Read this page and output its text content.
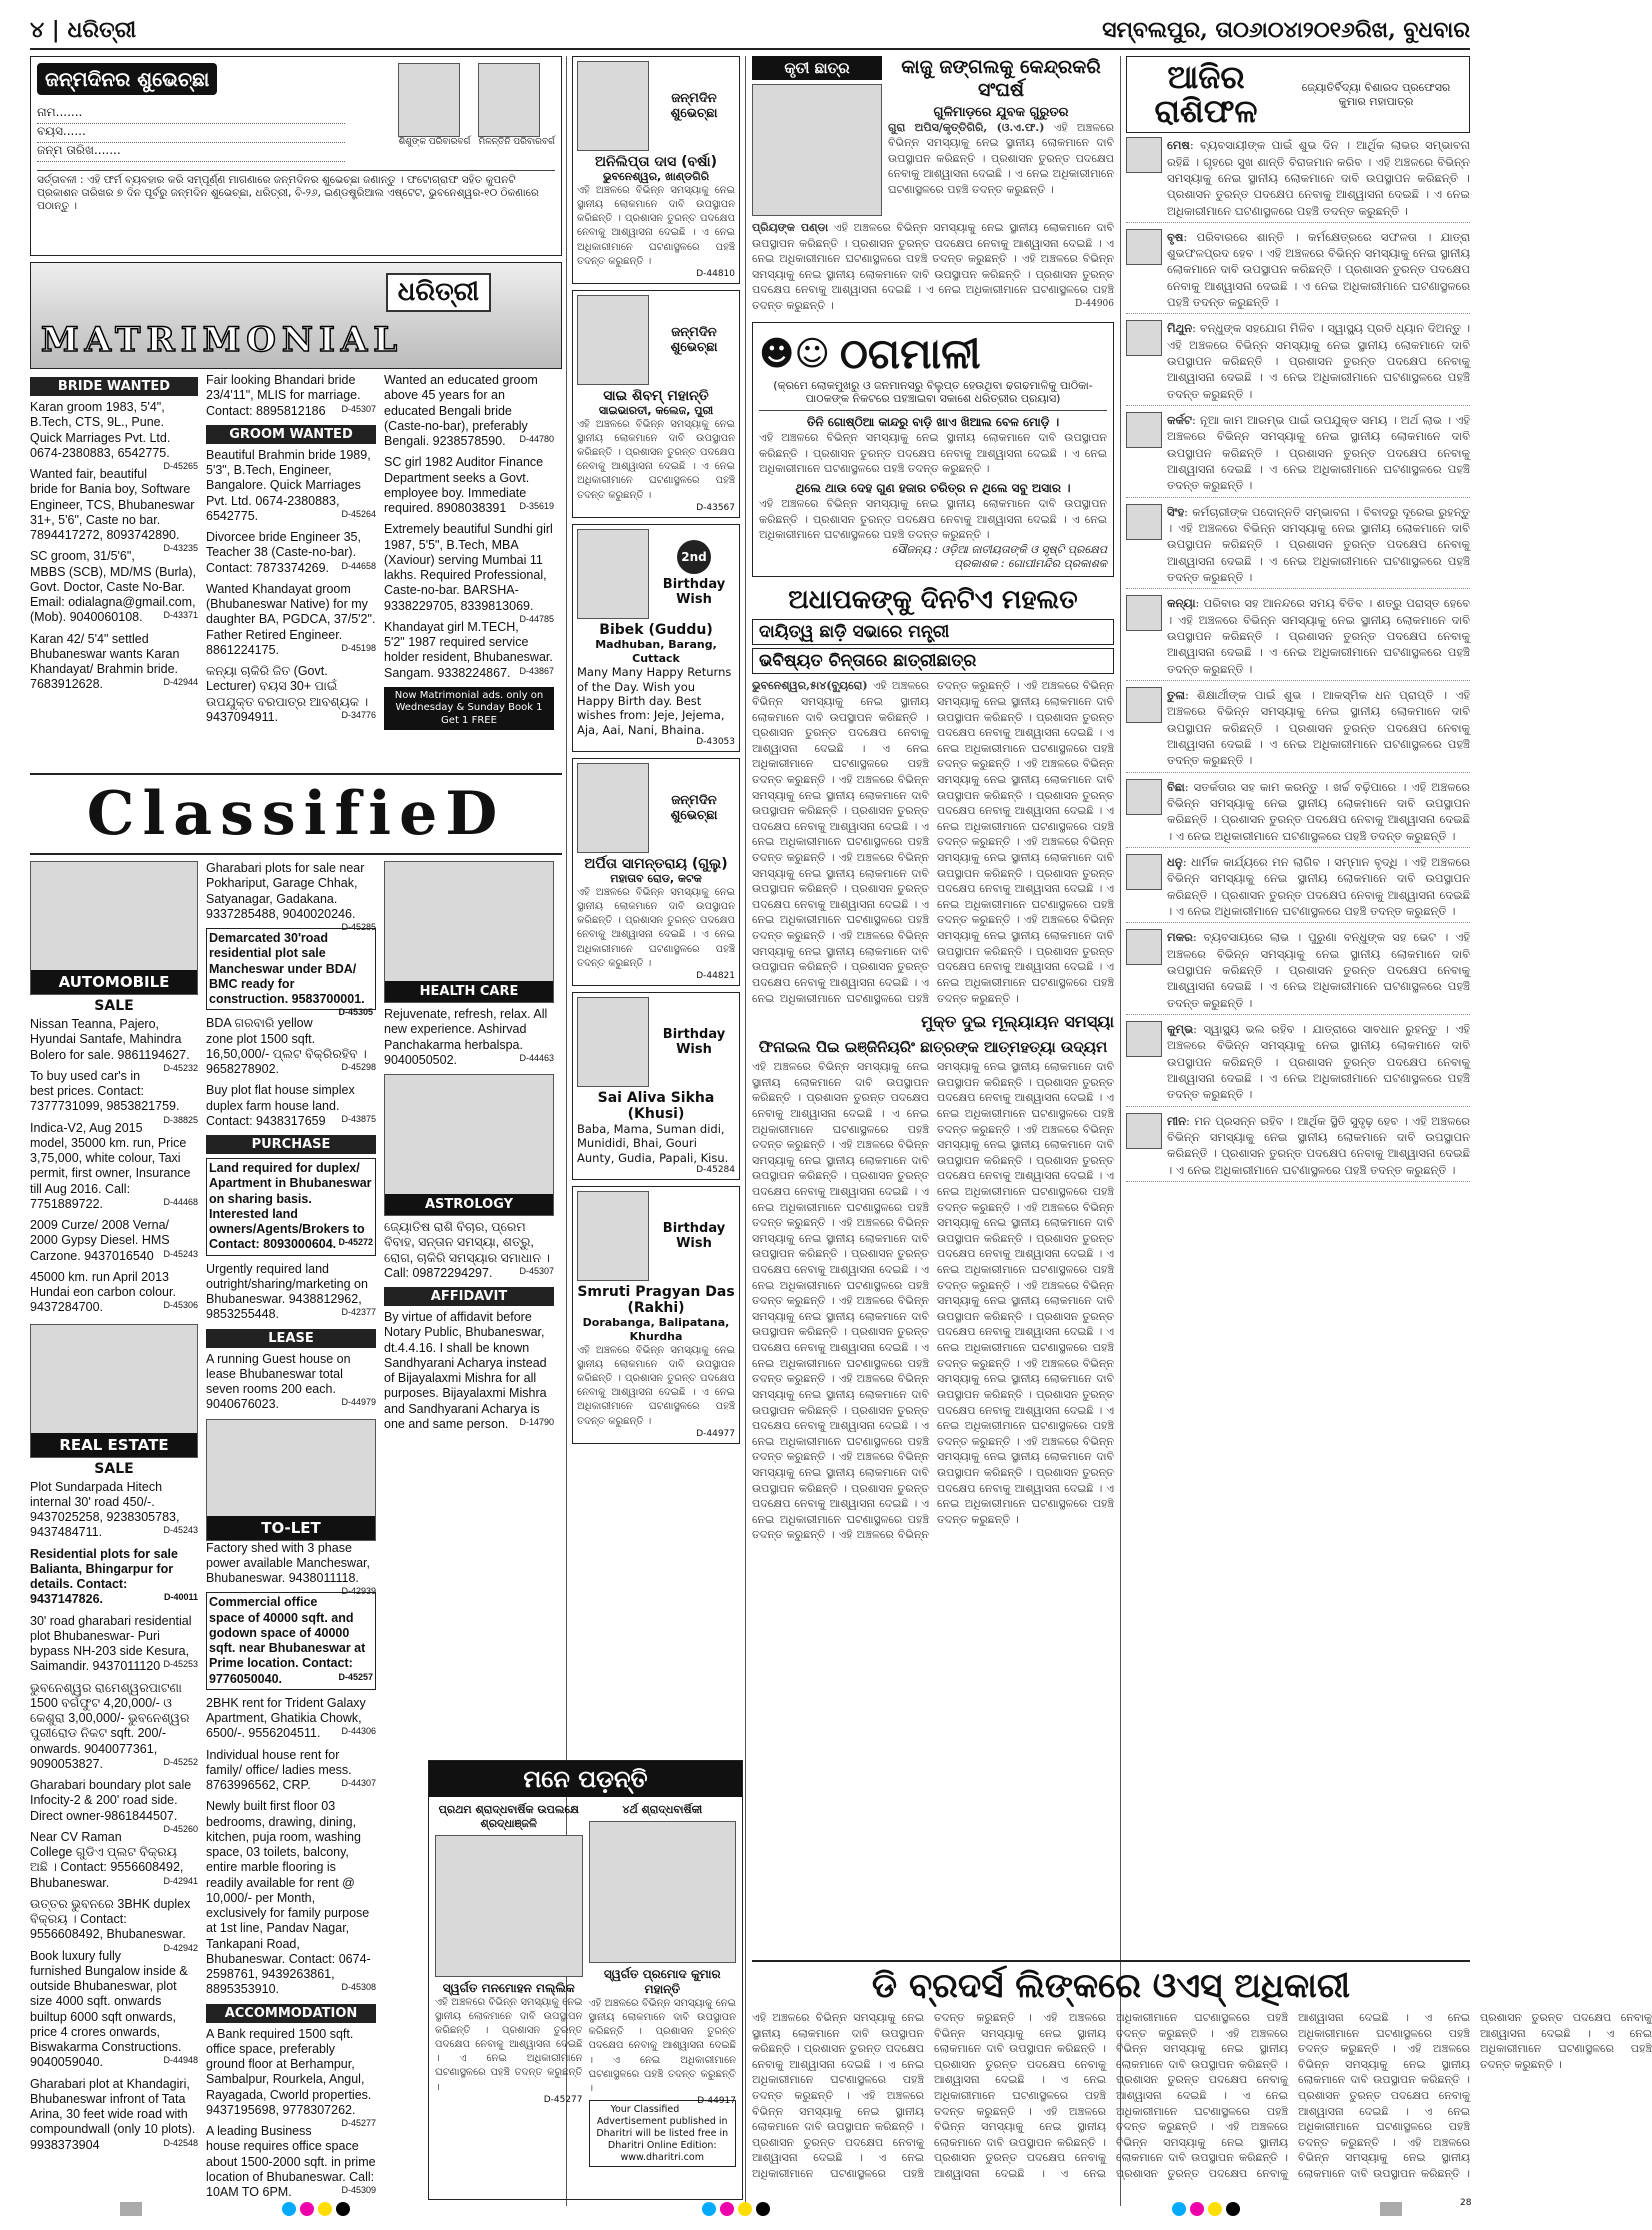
୪ | ଧରିତ୍ରୀ	ସମ୍ବଲପୁର, ତା୦୬ା୦୪ା୨୦୧୬ରିଖ, ବୁଧବାର
ଜନ୍ମଦିନର ଶୁଭେଚ୍ଛା
ନାମ.......
ବୟସ......
ଜନ୍ମ ତାରିଖ.......
ଶିଶୁଙ୍କ ପରିବାରବର୍ଗ ମିଳନ୍ତିନି ପରିବାରବର୍ଗ
ସର୍ତ୍ତାବଳୀ : ଏହି ଫର୍ମ ବ୍ୟବହାର କରି ସମ୍ପୂର୍ଣ୍ଣ ମାଗଣାରେ ଜନ୍ମଦିନର ଶୁଭେଚ୍ଛା ଜଣାନ୍ତୁ । ଫଟୋଗ୍ରାଫ ସହିତ କୁପନଟି ପ୍ରକାଶନ ତାରିଖର ୭ ଦିନ ପୂର୍ବରୁ ଜନ୍ମଦିନ ଶୁଭେଚ୍ଛା, ଧରିତ୍ରୀ, ବି-୨୬, ଇଣ୍ଡଷ୍ଟ୍ରିଆଲ ଏଷ୍ଟେଟ, ଭୁବନେଶ୍ୱର-୧୦ ଠିକଣାରେ ପଠାନ୍ତୁ ।
ଧରିତ୍ରୀ
MATRIMONIAL
BRIDE WANTED
Karan groom 1983, 5'4", B.Tech, CTS, 9L., Pune. Quick Marriages Pvt. Ltd. 0674-2380883, 6542775.
D-45265
Wanted fair, beautiful bride for Bania boy, Software Engineer, TCS, Bhubaneswar 31+, 5'6", Caste no bar. 7894417272, 8093742890.
D-43235
SC groom, 31/5'6", MBBS (SCB), MD/MS (Burla), Govt. Doctor, Caste No-Bar. Email: odialagna@gmail.com, (Mob). 9040060108. D-43371
Karan 42/ 5'4" settled Bhubaneswar wants Karan Khandayat/ Brahmin bride. 7683912628.	D-42944
Fair looking Bhandari bride 23/4'11", MLIS for marriage. Contact: 8895812186 D-45307
GROOM WANTED
Beautiful Brahmin bride 1989, 5'3", B.Tech, Engineer, Bangalore. Quick Marriages Pvt. Ltd. 0674-2380883, 6542775.	D-45264
Divorcee bride Engineer 35, Teacher 38 (Caste-no-bar). Contact: 7873374269. D-44658
Wanted Khandayat groom (Bhubaneswar Native) for my daughter BA, PGDCA, 37/5'2". Father Retired Engineer. 8861224175.	D-45198
କନ୍ୟା ଚାକିରି ଜିତ (Govt. Lecturer) ବୟସ 30+ ପାଇଁ ଉପଯୁକ୍ତ ବରପାତ୍ର ଆବଶ୍ୟକ । 9437094911.	D-34776
Wanted an educated groom above 45 years for an educated Bengali bride (Caste-no-bar), preferably Bengali. 9238578590. D-44780
SC girl 1982 Auditor Finance Department seeks a Govt. employee boy. Immediate required. 8908038391 D-35619
Extremely beautiful Sundhi girl 1987, 5'5", B.Tech, MBA (Xaviour) serving Mumbai 11 lakhs. Required Professional, Caste-no-bar. BARSHA-9338229705, 8339813069.
D-44785
Khandayat girl M.TECH, 5'2" 1987 required service holder resident, Bhubaneswar. Sangam. 9338224867. D-43867
Now Matrimonial ads. only on Wednesday & Sunday Book 1 Get 1 FREE
ClassifieD
AUTOMOBILE
SALE
Nissan Teanna, Pajero, Hyundai Santafe, Mahindra Bolero for sale. 9861194627.
D-45232
To buy used car's in best prices. Contact: 7377731099, 9853821759.
D-38825
Indica-V2, Aug 2015 model, 35000 km. run, Price 3,75,000, white colour, Taxi permit, first owner, Insurance till Aug 2016. Call: 7751889722.	D-44468
2009 Curze/ 2008 Verna/ 2000 Gypsy Diesel. HMS Carzone. 9437016540 D-45243
45000 km. run April 2013 Hundai eon carbon colour. 9437284700.	D-45306
REAL ESTATE
SALE
Plot Sundarpada Hitech internal 30' road 450/-. 9437025258, 9238305783, 9437484711.	D-45243
Residential plots for sale Balianta, Bhingarpur for details. Contact: 9437147826.	D-40011
30' road gharabari residential plot Bhubaneswar- Puri bypass NH-203 side Kesura, Saimandir. 9437011120 D-45253
ଭୁବନେଶ୍ୱର ରାମେଶ୍ୱରପାଟଣା 1500 ବର୍ଗଫୁଟ 4,20,000/- ଓ କେଶୁରା 3,00,000/- ଭୁବନେଶ୍ୱର ପୁରୀରୋଡ ନିକଟ sqft. 200/- onwards. 9040077361, 9090053827.	D-45252
Gharabari boundary plot sale Infocity-2 & 200' road side. Direct owner-9861844507.
D-45260
Near CV Raman College ଗୁଡିଏ ପ୍ଲଟ ବିକ୍ରୟ ଅଛି । Contact: 9556608492, Bhubaneswar.	D-42941
ଉତ୍ତର ଭୁବନରେ 3BHK duplex ବିକ୍ରୟ । Contact: 9556608492, Bhubaneswar.
D-42942
Book luxury fully furnished Bungalow inside & outside Bhubaneswar, plot size 4000 sqft. onwards builtup 6000 sqft onwards, price 4 crores onwards, Biswakarma Constructions. 9040059040.	D-44948
Gharabari plot at Khandagiri, Bhubaneswar infront of Tata Arina, 30 feet wide road with compoundwall (only 10 plots). 9938373904	D-42548
Gharabari plots for sale near Pokhariput, Garage Chhak, Satyanagar, Gadakana. 9337285488, 9040020246.
D-45285
Demarcated 30'road residential plot sale Mancheswar under BDA/ BMC ready for construction. 9583700001.
D-45305
BDA ଗରବାରି yellow zone plot 1500 sqft. 16,50,000/- ପ୍ଲଟ ବିକ୍ରିରହିବ । 9658278902.	D-45298
Buy plot flat house simplex duplex farm house land. Contact: 9438317659 D-43875
PURCHASE
Land required for duplex/ Apartment in Bhubaneswar on sharing basis. Interested land owners/Agents/Brokers to Contact: 8093000604. D-45272
Urgently required land outright/sharing/marketing on Bhubaneswar. 9438812962, 9853255448.	D-42377
LEASE
A running Guest house on lease Bhubaneswar total seven rooms 200 each. 9040676023.	D-44979
TO-LET
Factory shed with 3 phase power available Mancheswar, Bhubaneswar. 9438011118.
D-42939
Commercial office space of 40000 sqft. and godown space of 40000 sqft. near Bhubaneswar at Prime location. Contact: 9776050040.	D-45257
2BHK rent for Trident Galaxy Apartment, Ghatikia Chowk, 6500/-. 9556204511. D-44306
Individual house rent for family/ office/ ladies mess. 8763996562, CRP.	D-44307
Newly built first floor 03 bedrooms, drawing, dining, kitchen, puja room, washing space, 03 toilets, balcony, entire marble flooring is readily available for rent @ 10,000/- per Month, exclusively for family purpose at 1st line, Pandav Nagar, Tankapani Road, Bhubaneswar. Contact: 0674- 2598761, 9439263861, 8895353910.	D-45308
ACCOMMODATION
A Bank required 1500 sqft. office space, preferably ground floor at Berhampur, Sambalpur, Rourkela, Angul, Rayagada, Cworld properties. 9437195698, 9778307262.
D-45277
A leading Business house requires office space about 1500-2000 sqft. in prime location of Bhubaneswar. Call: 10AM TO 6PM.	D-45309
HEALTH CARE
Rejuvenate, refresh, relax. All new experience. Ashirvad Panchakarma herbalspa. 9040050502.	D-44463
ASTROLOGY
ଜ୍ୟୋତିଷ ରାଶି ବିଚାର, ପ୍ରେମ ବିବାହ, ସନ୍ତାନ ସମସ୍ୟା, ଶତ୍ରୁ, ରୋଗ, ଚାକିରି ସମସ୍ୟାର ସମାଧାନ । Call: 09872294297.	D-45307
AFFIDAVIT
By virtue of affidavit before Notary Public, Bhubaneswar, dt.4.4.16. I shall be known Sandhyarani Acharya instead of Bijayalaxmi Mishra for all purposes. Bijayalaxmi Mishra and Sandhyarani Acharya is one and same person. D-14790
ଜନ୍ମଦିନ ଶୁଭେଚ୍ଛା
ଅନିଲିପ୍ତା ଦାସ (ବର୍ଷା)
ଭୁବନେଶ୍ୱର, ଖାଣ୍ଡଗିରି
ଏହି ଅଞ୍ଚଳରେ ବିଭିନ୍ନ ସମସ୍ୟାକୁ ନେଇ ସ୍ଥାନୀୟ ଲୋକମାନେ ଦାବି ଉପସ୍ଥାପନ କରିଛନ୍ତି । ପ୍ରଶାସନ ତୁରନ୍ତ ପଦକ୍ଷେପ ନେବାକୁ ଆଶ୍ୱାସନା ଦେଇଛି । ଏ ନେଇ ଅଧିକାରୀମାନେ ଘଟଣାସ୍ଥଳରେ ପହଞ୍ଚି ତଦନ୍ତ କରୁଛନ୍ତି ।
D-44810
ଜନ୍ମଦିନ ଶୁଭେଚ୍ଛା
ସାଇ ଶିବମ୍ ମହାନ୍ତି
ସାଇଭାରତୀ, କଲେଜ, ପୁରୀ
ଏହି ଅଞ୍ଚଳରେ ବିଭିନ୍ନ ସମସ୍ୟାକୁ ନେଇ ସ୍ଥାନୀୟ ଲୋକମାନେ ଦାବି ଉପସ୍ଥାପନ କରିଛନ୍ତି । ପ୍ରଶାସନ ତୁରନ୍ତ ପଦକ୍ଷେପ ନେବାକୁ ଆଶ୍ୱାସନା ଦେଇଛି । ଏ ନେଇ ଅଧିକାରୀମାନେ ଘଟଣାସ୍ଥଳରେ ପହଞ୍ଚି ତଦନ୍ତ କରୁଛନ୍ତି ।
D-43567
2nd
Birthday Wish
Bibek (Guddu)
Madhuban, Barang, Cuttack
Many Many Happy Returns of the Day. Wish you Happy Birth day. Best wishes from: Jeje, Jejema, Aja, Aai, Nani, Bhaina.
D-43053
ଜନ୍ମଦିନ ଶୁଭେଚ୍ଛା
ଅର୍ପିତା ସାମନ୍ତରାୟ (ଗୁଲୁ)
ମହାତାବ ରୋଡ, କଟକ
ଏହି ଅଞ୍ଚଳରେ ବିଭିନ୍ନ ସମସ୍ୟାକୁ ନେଇ ସ୍ଥାନୀୟ ଲୋକମାନେ ଦାବି ଉପସ୍ଥାପନ କରିଛନ୍ତି । ପ୍ରଶାସନ ତୁରନ୍ତ ପଦକ୍ଷେପ ନେବାକୁ ଆଶ୍ୱାସନା ଦେଇଛି । ଏ ନେଇ ଅଧିକାରୀମାନେ ଘଟଣାସ୍ଥଳରେ ପହଞ୍ଚି ତଦନ୍ତ କରୁଛନ୍ତି ।
D-44821
Birthday Wish
Sai Aliva Sikha (Khusi)
Baba, Mama, Suman didi, Munididi, Bhai, Gouri Aunty, Gudia, Papali, Kisu.
D-45284
Birthday Wish
Smruti Pragyan Das (Rakhi)
Dorabanga, Balipatana, Khurdha
ଏହି ଅଞ୍ଚଳରେ ବିଭିନ୍ନ ସମସ୍ୟାକୁ ନେଇ ସ୍ଥାନୀୟ ଲୋକମାନେ ଦାବି ଉପସ୍ଥାପନ କରିଛନ୍ତି । ପ୍ରଶାସନ ତୁରନ୍ତ ପଦକ୍ଷେପ ନେବାକୁ ଆଶ୍ୱାସନା ଦେଇଛି । ଏ ନେଇ ଅଧିକାରୀମାନେ ଘଟଣାସ୍ଥଳରେ ପହଞ୍ଚି ତଦନ୍ତ କରୁଛନ୍ତି ।
D-44977
କୃତୀ ଛାତ୍ର	କାଜୁ ଜଙ୍ଗଲକୁ କେନ୍ଦ୍ରକରି ସଂଘର୍ଷ
ଗୁଳିମାଡ଼ରେ ଯୁବକ ଗୁରୁତର
ଗୁରା ଅପିସ/କୃତ୍ତିଗିରି, (ଓ.ଏ.ଫ.) ଏହି ଅଞ୍ଚଳରେ ବିଭିନ୍ନ ସମସ୍ୟାକୁ ନେଇ ସ୍ଥାନୀୟ ଲୋକମାନେ ଦାବି ଉପସ୍ଥାପନ କରିଛନ୍ତି । ପ୍ରଶାସନ ତୁରନ୍ତ ପଦକ୍ଷେପ ନେବାକୁ ଆଶ୍ୱାସନା ଦେଇଛି । ଏ ନେଇ ଅଧିକାରୀମାନେ ଘଟଣାସ୍ଥଳରେ ପହଞ୍ଚି ତଦନ୍ତ କରୁଛନ୍ତି ।
ପ୍ରିୟଙ୍କ ପଣ୍ଡା ଏହି ଅଞ୍ଚଳରେ ବିଭିନ୍ନ ସମସ୍ୟାକୁ ନେଇ ସ୍ଥାନୀୟ ଲୋକମାନେ ଦାବି ଉପସ୍ଥାପନ କରିଛନ୍ତି । ପ୍ରଶାସନ ତୁରନ୍ତ ପଦକ୍ଷେପ ନେବାକୁ ଆଶ୍ୱାସନା ଦେଇଛି । ଏ ନେଇ ଅଧିକାରୀମାନେ ଘଟଣାସ୍ଥଳରେ ପହଞ୍ଚି ତଦନ୍ତ କରୁଛନ୍ତି । ଏହି ଅଞ୍ଚଳରେ ବିଭିନ୍ନ ସମସ୍ୟାକୁ ନେଇ ସ୍ଥାନୀୟ ଲୋକମାନେ ଦାବି ଉପସ୍ଥାପନ କରିଛନ୍ତି । ପ୍ରଶାସନ ତୁରନ୍ତ ପଦକ୍ଷେପ ନେବାକୁ ଆଶ୍ୱାସନା ଦେଇଛି । ଏ ନେଇ ଅଧିକାରୀମାନେ ଘଟଣାସ୍ଥଳରେ ପହଞ୍ଚି ତଦନ୍ତ କରୁଛନ୍ତି ।	D-44906
☻☺ ଠଗମାଳୀ
(କ୍ରମେ ଲୋକମୁଖରୁ ଓ ଜନମାନସରୁ ବିଲୁପ୍ତ ହେଉଥିବା ଢଗଢମାଳିକୁ ପାଠିକା-ପାଠକଙ୍କ ନିକଟରେ ପହଞ୍ଚାଇବା ସକାଶେ ଧରିତ୍ରୀର ପ୍ରୟାସ)
ତିନି ଗୋଷ୍ଠିଆ କାନ୍ଦରୁ ବାଡ଼ି ଖାଏ ଖିଆଲ ବେଳ ମୋଡ଼ି ।
ଏହି ଅଞ୍ଚଳରେ ବିଭିନ୍ନ ସମସ୍ୟାକୁ ନେଇ ସ୍ଥାନୀୟ ଲୋକମାନେ ଦାବି ଉପସ୍ଥାପନ କରିଛନ୍ତି । ପ୍ରଶାସନ ତୁରନ୍ତ ପଦକ୍ଷେପ ନେବାକୁ ଆଶ୍ୱାସନା ଦେଇଛି । ଏ ନେଇ ଅଧିକାରୀମାନେ ଘଟଣାସ୍ଥଳରେ ପହଞ୍ଚି ତଦନ୍ତ କରୁଛନ୍ତି ।
ଥିଲେ ଥାଉ ଦେହ ଗୁଣ ହଜାର ଚରିତ୍ର ନ ଥିଲେ ସବୁ ଅସାର ।
ଏହି ଅଞ୍ଚଳରେ ବିଭିନ୍ନ ସମସ୍ୟାକୁ ନେଇ ସ୍ଥାନୀୟ ଲୋକମାନେ ଦାବି ଉପସ୍ଥାପନ କରିଛନ୍ତି । ପ୍ରଶାସନ ତୁରନ୍ତ ପଦକ୍ଷେପ ନେବାକୁ ଆଶ୍ୱାସନା ଦେଇଛି । ଏ ନେଇ ଅଧିକାରୀମାନେ ଘଟଣାସ୍ଥଳରେ ପହଞ୍ଚି ତଦନ୍ତ କରୁଛନ୍ତି ।
ସୌଜନ୍ୟ : ଓଡ଼ିଆ ଜାତୀୟତାଙ୍କି ଓ ସୃଷ୍ଟି ପ୍ରକ୍ଷେପ
ପ୍ରକାଶକ : ଗୋପୀମନ୍ଦିର ପ୍ରକାଶକ
ଅଧାପକଙ୍କୁ ଦିନଟିଏ ମହଲତ
ଦାୟିତ୍ୱ ଛାଡ଼ି ସଭାରେ ମନ୍ତ୍ରୀ
ଭବିଷ୍ୟତ ଚିନ୍ତାରେ ଛାତ୍ରୀଛାତ୍ର
ଭୁବନେଶ୍ୱର,୫ା୪(ବ୍ୟୁରୋ) ଏହି ଅଞ୍ଚଳରେ ବିଭିନ୍ନ ସମସ୍ୟାକୁ ନେଇ ସ୍ଥାନୀୟ ଲୋକମାନେ ଦାବି ଉପସ୍ଥାପନ କରିଛନ୍ତି । ପ୍ରଶାସନ ତୁରନ୍ତ ପଦକ୍ଷେପ ନେବାକୁ ଆଶ୍ୱାସନା ଦେଇଛି । ଏ ନେଇ ଅଧିକାରୀମାନେ ଘଟଣାସ୍ଥଳରେ ପହଞ୍ଚି ତଦନ୍ତ କରୁଛନ୍ତି । ଏହି ଅଞ୍ଚଳରେ ବିଭିନ୍ନ ସମସ୍ୟାକୁ ନେଇ ସ୍ଥାନୀୟ ଲୋକମାନେ ଦାବି ଉପସ୍ଥାପନ କରିଛନ୍ତି । ପ୍ରଶାସନ ତୁରନ୍ତ ପଦକ୍ଷେପ ନେବାକୁ ଆଶ୍ୱାସନା ଦେଇଛି । ଏ ନେଇ ଅଧିକାରୀମାନେ ଘଟଣାସ୍ଥଳରେ ପହଞ୍ଚି ତଦନ୍ତ କରୁଛନ୍ତି । ଏହି ଅଞ୍ଚଳରେ ବିଭିନ୍ନ ସମସ୍ୟାକୁ ନେଇ ସ୍ଥାନୀୟ ଲୋକମାନେ ଦାବି ଉପସ୍ଥାପନ କରିଛନ୍ତି । ପ୍ରଶାସନ ତୁରନ୍ତ ପଦକ୍ଷେପ ନେବାକୁ ଆଶ୍ୱାସନା ଦେଇଛି । ଏ ନେଇ ଅଧିକାରୀମାନେ ଘଟଣାସ୍ଥଳରେ ପହଞ୍ଚି ତଦନ୍ତ କରୁଛନ୍ତି । ଏହି ଅଞ୍ଚଳରେ ବିଭିନ୍ନ ସମସ୍ୟାକୁ ନେଇ ସ୍ଥାନୀୟ ଲୋକମାନେ ଦାବି ଉପସ୍ଥାପନ କରିଛନ୍ତି । ପ୍ରଶାସନ ତୁରନ୍ତ ପଦକ୍ଷେପ ନେବାକୁ ଆଶ୍ୱାସନା ଦେଇଛି । ଏ ନେଇ ଅଧିକାରୀମାନେ ଘଟଣାସ୍ଥଳରେ ପହଞ୍ଚି ତଦନ୍ତ କରୁଛନ୍ତି । ଏହି ଅଞ୍ଚଳରେ ବିଭିନ୍ନ ସମସ୍ୟାକୁ ନେଇ ସ୍ଥାନୀୟ ଲୋକମାନେ ଦାବି ଉପସ୍ଥାପନ କରିଛନ୍ତି । ପ୍ରଶାସନ ତୁରନ୍ତ ପଦକ୍ଷେପ ନେବାକୁ ଆଶ୍ୱାସନା ଦେଇଛି । ଏ ନେଇ ଅଧିକାରୀମାନେ ଘଟଣାସ୍ଥଳରେ ପହଞ୍ଚି ତଦନ୍ତ କରୁଛନ୍ତି । ଏହି ଅଞ୍ଚଳରେ ବିଭିନ୍ନ ସମସ୍ୟାକୁ ନେଇ ସ୍ଥାନୀୟ ଲୋକମାନେ ଦାବି ଉପସ୍ଥାପନ କରିଛନ୍ତି । ପ୍ରଶାସନ ତୁରନ୍ତ ପଦକ୍ଷେପ ନେବାକୁ ଆଶ୍ୱାସନା ଦେଇଛି । ଏ ନେଇ ଅଧିକାରୀମାନେ ଘଟଣାସ୍ଥଳରେ ପହଞ୍ଚି ତଦନ୍ତ କରୁଛନ୍ତି । ଏହି ଅଞ୍ଚଳରେ ବିଭିନ୍ନ ସମସ୍ୟାକୁ ନେଇ ସ୍ଥାନୀୟ ଲୋକମାନେ ଦାବି ଉପସ୍ଥାପନ କରିଛନ୍ତି । ପ୍ରଶାସନ ତୁରନ୍ତ ପଦକ୍ଷେପ ନେବାକୁ ଆଶ୍ୱାସନା ଦେଇଛି । ଏ ନେଇ ଅଧିକାରୀମାନେ ଘଟଣାସ୍ଥଳରେ ପହଞ୍ଚି ତଦନ୍ତ କରୁଛନ୍ତି । ଏହି ଅଞ୍ଚଳରେ ବିଭିନ୍ନ ସମସ୍ୟାକୁ ନେଇ ସ୍ଥାନୀୟ ଲୋକମାନେ ଦାବି ଉପସ୍ଥାପନ କରିଛନ୍ତି । ପ୍ରଶାସନ ତୁରନ୍ତ ପଦକ୍ଷେପ ନେବାକୁ ଆଶ୍ୱାସନା ଦେଇଛି । ଏ ନେଇ ଅଧିକାରୀମାନେ ଘଟଣାସ୍ଥଳରେ ପହଞ୍ଚି ତଦନ୍ତ କରୁଛନ୍ତି ।
ମୁକ୍ତ ଦୁଇ ମୂଲ୍ୟାୟନ ସମସ୍ୟା
ଫିନାଇଲ ପିଇ ଇଞ୍ଜିନିୟରିଂ ଛାତ୍ରଙ୍କ ଆତ୍ମହତ୍ୟା ଉଦ୍ୟମ
ଏହି ଅଞ୍ଚଳରେ ବିଭିନ୍ନ ସମସ୍ୟାକୁ ନେଇ ସ୍ଥାନୀୟ ଲୋକମାନେ ଦାବି ଉପସ୍ଥାପନ କରିଛନ୍ତି । ପ୍ରଶାସନ ତୁରନ୍ତ ପଦକ୍ଷେପ ନେବାକୁ ଆଶ୍ୱାସନା ଦେଇଛି । ଏ ନେଇ ଅଧିକାରୀମାନେ ଘଟଣାସ୍ଥଳରେ ପହଞ୍ଚି ତଦନ୍ତ କରୁଛନ୍ତି । ଏହି ଅଞ୍ଚଳରେ ବିଭିନ୍ନ ସମସ୍ୟାକୁ ନେଇ ସ୍ଥାନୀୟ ଲୋକମାନେ ଦାବି ଉପସ୍ଥାପନ କରିଛନ୍ତି । ପ୍ରଶାସନ ତୁରନ୍ତ ପଦକ୍ଷେପ ନେବାକୁ ଆଶ୍ୱାସନା ଦେଇଛି । ଏ ନେଇ ଅଧିକାରୀମାନେ ଘଟଣାସ୍ଥଳରେ ପହଞ୍ଚି ତଦନ୍ତ କରୁଛନ୍ତି । ଏହି ଅଞ୍ଚଳରେ ବିଭିନ୍ନ ସମସ୍ୟାକୁ ନେଇ ସ୍ଥାନୀୟ ଲୋକମାନେ ଦାବି ଉପସ୍ଥାପନ କରିଛନ୍ତି । ପ୍ରଶାସନ ତୁରନ୍ତ ପଦକ୍ଷେପ ନେବାକୁ ଆଶ୍ୱାସନା ଦେଇଛି । ଏ ନେଇ ଅଧିକାରୀମାନେ ଘଟଣାସ୍ଥଳରେ ପହଞ୍ଚି ତଦନ୍ତ କରୁଛନ୍ତି । ଏହି ଅଞ୍ଚଳରେ ବିଭିନ୍ନ ସମସ୍ୟାକୁ ନେଇ ସ୍ଥାନୀୟ ଲୋକମାନେ ଦାବି ଉପସ୍ଥାପନ କରିଛନ୍ତି । ପ୍ରଶାସନ ତୁରନ୍ତ ପଦକ୍ଷେପ ନେବାକୁ ଆଶ୍ୱାସନା ଦେଇଛି । ଏ ନେଇ ଅଧିକାରୀମାନେ ଘଟଣାସ୍ଥଳରେ ପହଞ୍ଚି ତଦନ୍ତ କରୁଛନ୍ତି । ଏହି ଅଞ୍ଚଳରେ ବିଭିନ୍ନ ସମସ୍ୟାକୁ ନେଇ ସ୍ଥାନୀୟ ଲୋକମାନେ ଦାବି ଉପସ୍ଥାପନ କରିଛନ୍ତି । ପ୍ରଶାସନ ତୁରନ୍ତ ପଦକ୍ଷେପ ନେବାକୁ ଆଶ୍ୱାସନା ଦେଇଛି । ଏ ନେଇ ଅଧିକାରୀମାନେ ଘଟଣାସ୍ଥଳରେ ପହଞ୍ଚି ତଦନ୍ତ କରୁଛନ୍ତି । ଏହି ଅଞ୍ଚଳରେ ବିଭିନ୍ନ ସମସ୍ୟାକୁ ନେଇ ସ୍ଥାନୀୟ ଲୋକମାନେ ଦାବି ଉପସ୍ଥାପନ କରିଛନ୍ତି । ପ୍ରଶାସନ ତୁରନ୍ତ ପଦକ୍ଷେପ ନେବାକୁ ଆଶ୍ୱାସନା ଦେଇଛି । ଏ ନେଇ ଅଧିକାରୀମାନେ ଘଟଣାସ୍ଥଳରେ ପହଞ୍ଚି ତଦନ୍ତ କରୁଛନ୍ତି । ଏହି ଅଞ୍ଚଳରେ ବିଭିନ୍ନ ସମସ୍ୟାକୁ ନେଇ ସ୍ଥାନୀୟ ଲୋକମାନେ ଦାବି ଉପସ୍ଥାପନ କରିଛନ୍ତି । ପ୍ରଶାସନ ତୁରନ୍ତ ପଦକ୍ଷେପ ନେବାକୁ ଆଶ୍ୱାସନା ଦେଇଛି । ଏ ନେଇ ଅଧିକାରୀମାନେ ଘଟଣାସ୍ଥଳରେ ପହଞ୍ଚି ତଦନ୍ତ କରୁଛନ୍ତି । ଏହି ଅଞ୍ଚଳରେ ବିଭିନ୍ନ ସମସ୍ୟାକୁ ନେଇ ସ୍ଥାନୀୟ ଲୋକମାନେ ଦାବି ଉପସ୍ଥାପନ କରିଛନ୍ତି । ପ୍ରଶାସନ ତୁରନ୍ତ ପଦକ୍ଷେପ ନେବାକୁ ଆଶ୍ୱାସନା ଦେଇଛି । ଏ ନେଇ ଅଧିକାରୀମାନେ ଘଟଣାସ୍ଥଳରେ ପହଞ୍ଚି ତଦନ୍ତ କରୁଛନ୍ତି । ଏହି ଅଞ୍ଚଳରେ ବିଭିନ୍ନ ସମସ୍ୟାକୁ ନେଇ ସ୍ଥାନୀୟ ଲୋକମାନେ ଦାବି ଉପସ୍ଥାପନ କରିଛନ୍ତି । ପ୍ରଶାସନ ତୁରନ୍ତ ପଦକ୍ଷେପ ନେବାକୁ ଆଶ୍ୱାସନା ଦେଇଛି । ଏ ନେଇ ଅଧିକାରୀମାନେ ଘଟଣାସ୍ଥଳରେ ପହଞ୍ଚି ତଦନ୍ତ କରୁଛନ୍ତି । ଏହି ଅଞ୍ଚଳରେ ବିଭିନ୍ନ ସମସ୍ୟାକୁ ନେଇ ସ୍ଥାନୀୟ ଲୋକମାନେ ଦାବି ଉପସ୍ଥାପନ କରିଛନ୍ତି । ପ୍ରଶାସନ ତୁରନ୍ତ ପଦକ୍ଷେପ ନେବାକୁ ଆଶ୍ୱାସନା ଦେଇଛି । ଏ ନେଇ ଅଧିକାରୀମାନେ ଘଟଣାସ୍ଥଳରେ ପହଞ୍ଚି ତଦନ୍ତ କରୁଛନ୍ତି । ଏହି ଅଞ୍ଚଳରେ ବିଭିନ୍ନ ସମସ୍ୟାକୁ ନେଇ ସ୍ଥାନୀୟ ଲୋକମାନେ ଦାବି ଉପସ୍ଥାପନ କରିଛନ୍ତି । ପ୍ରଶାସନ ତୁରନ୍ତ ପଦକ୍ଷେପ ନେବାକୁ ଆଶ୍ୱାସନା ଦେଇଛି । ଏ ନେଇ ଅଧିକାରୀମାନେ ଘଟଣାସ୍ଥଳରେ ପହଞ୍ଚି ତଦନ୍ତ କରୁଛନ୍ତି । ଏହି ଅଞ୍ଚଳରେ ବିଭିନ୍ନ ସମସ୍ୟାକୁ ନେଇ ସ୍ଥାନୀୟ ଲୋକମାନେ ଦାବି ଉପସ୍ଥାପନ କରିଛନ୍ତି । ପ୍ରଶାସନ ତୁରନ୍ତ ପଦକ୍ଷେପ ନେବାକୁ ଆଶ୍ୱାସନା ଦେଇଛି । ଏ ନେଇ ଅଧିକାରୀମାନେ ଘଟଣାସ୍ଥଳରେ ପହଞ୍ଚି ତଦନ୍ତ କରୁଛନ୍ତି ।
ଆଜିର ରାଶିଫଳ
ଜ୍ୟୋତିର୍ବିଦ୍ୟା ବିଶାରଦ ପ୍ରଫେସର କୁମାର ମହାପାତ୍ର
ମେଷ: ବ୍ୟବସାୟୀଙ୍କ ପାଇଁ ଶୁଭ ଦିନ । ଆର୍ଥିକ ଲାଭର ସମ୍ଭାବନା ରହିଛି । ଗୃହରେ ସୁଖ ଶାନ୍ତି ବିରାଜମାନ କରିବ । ଏହି ଅଞ୍ଚଳରେ ବିଭିନ୍ନ ସମସ୍ୟାକୁ ନେଇ ସ୍ଥାନୀୟ ଲୋକମାନେ ଦାବି ଉପସ୍ଥାପନ କରିଛନ୍ତି । ପ୍ରଶାସନ ତୁରନ୍ତ ପଦକ୍ଷେପ ନେବାକୁ ଆଶ୍ୱାସନା ଦେଇଛି । ଏ ନେଇ ଅଧିକାରୀମାନେ ଘଟଣାସ୍ଥଳରେ ପହଞ୍ଚି ତଦନ୍ତ କରୁଛନ୍ତି ।
ବୃଷ: ପରିବାରରେ ଶାନ୍ତି । କର୍ମକ୍ଷେତ୍ରରେ ସଫଳତା । ଯାତ୍ରା ଶୁଭଫଳପ୍ରଦ ହେବ । ଏହି ଅଞ୍ଚଳରେ ବିଭିନ୍ନ ସମସ୍ୟାକୁ ନେଇ ସ୍ଥାନୀୟ ଲୋକମାନେ ଦାବି ଉପସ୍ଥାପନ କରିଛନ୍ତି । ପ୍ରଶାସନ ତୁରନ୍ତ ପଦକ୍ଷେପ ନେବାକୁ ଆଶ୍ୱାସନା ଦେଇଛି । ଏ ନେଇ ଅଧିକାରୀମାନେ ଘଟଣାସ୍ଥଳରେ ପହଞ୍ଚି ତଦନ୍ତ କରୁଛନ୍ତି ।
ମିଥୁନ: ବନ୍ଧୁଙ୍କ ସହଯୋଗ ମିଳିବ । ସ୍ୱାସ୍ଥ୍ୟ ପ୍ରତି ଧ୍ୟାନ ଦିଅନ୍ତୁ । ଏହି ଅଞ୍ଚଳରେ ବିଭିନ୍ନ ସମସ୍ୟାକୁ ନେଇ ସ୍ଥାନୀୟ ଲୋକମାନେ ଦାବି ଉପସ୍ଥାପନ କରିଛନ୍ତି । ପ୍ରଶାସନ ତୁରନ୍ତ ପଦକ୍ଷେପ ନେବାକୁ ଆଶ୍ୱାସନା ଦେଇଛି । ଏ ନେଇ ଅଧିକାରୀମାନେ ଘଟଣାସ୍ଥଳରେ ପହଞ୍ଚି ତଦନ୍ତ କରୁଛନ୍ତି ।
କର୍କଟ: ନୂଆ କାମ ଆରମ୍ଭ ପାଇଁ ଉପଯୁକ୍ତ ସମୟ । ଅର୍ଥ ଲାଭ । ଏହି ଅଞ୍ଚଳରେ ବିଭିନ୍ନ ସମସ୍ୟାକୁ ନେଇ ସ୍ଥାନୀୟ ଲୋକମାନେ ଦାବି ଉପସ୍ଥାପନ କରିଛନ୍ତି । ପ୍ରଶାସନ ତୁରନ୍ତ ପଦକ୍ଷେପ ନେବାକୁ ଆଶ୍ୱାସନା ଦେଇଛି । ଏ ନେଇ ଅଧିକାରୀମାନେ ଘଟଣାସ୍ଥଳରେ ପହଞ୍ଚି ତଦନ୍ତ କରୁଛନ୍ତି ।
ସିଂହ: କର୍ମଚାରୀଙ୍କ ପଦୋନ୍ନତି ସମ୍ଭାବନା । ବିବାଦରୁ ଦୂରେଇ ରୁହନ୍ତୁ । ଏହି ଅଞ୍ଚଳରେ ବିଭିନ୍ନ ସମସ୍ୟାକୁ ନେଇ ସ୍ଥାନୀୟ ଲୋକମାନେ ଦାବି ଉପସ୍ଥାପନ କରିଛନ୍ତି । ପ୍ରଶାସନ ତୁରନ୍ତ ପଦକ୍ଷେପ ନେବାକୁ ଆଶ୍ୱାସନା ଦେଇଛି । ଏ ନେଇ ଅଧିକାରୀମାନେ ଘଟଣାସ୍ଥଳରେ ପହଞ୍ଚି ତଦନ୍ତ କରୁଛନ୍ତି ।
କନ୍ୟା: ପରିବାର ସହ ଆନନ୍ଦରେ ସମୟ ବିତିବ । ଶତ୍ରୁ ପରାସ୍ତ ହେବେ । ଏହି ଅଞ୍ଚଳରେ ବିଭିନ୍ନ ସମସ୍ୟାକୁ ନେଇ ସ୍ଥାନୀୟ ଲୋକମାନେ ଦାବି ଉପସ୍ଥାପନ କରିଛନ୍ତି । ପ୍ରଶାସନ ତୁରନ୍ତ ପଦକ୍ଷେପ ନେବାକୁ ଆଶ୍ୱାସନା ଦେଇଛି । ଏ ନେଇ ଅଧିକାରୀମାନେ ଘଟଣାସ୍ଥଳରେ ପହଞ୍ଚି ତଦନ୍ତ କରୁଛନ୍ତି ।
ତୁଳା: ଶିକ୍ଷାର୍ଥୀଙ୍କ ପାଇଁ ଶୁଭ । ଆକସ୍ମିକ ଧନ ପ୍ରାପ୍ତି । ଏହି ଅଞ୍ଚଳରେ ବିଭିନ୍ନ ସମସ୍ୟାକୁ ନେଇ ସ୍ଥାନୀୟ ଲୋକମାନେ ଦାବି ଉପସ୍ଥାପନ କରିଛନ୍ତି । ପ୍ରଶାସନ ତୁରନ୍ତ ପଦକ୍ଷେପ ନେବାକୁ ଆଶ୍ୱାସନା ଦେଇଛି । ଏ ନେଇ ଅଧିକାରୀମାନେ ଘଟଣାସ୍ଥଳରେ ପହଞ୍ଚି ତଦନ୍ତ କରୁଛନ୍ତି ।
ବିଛା: ସତର୍କତାର ସହ କାମ କରନ୍ତୁ । ଖର୍ଚ୍ଚ ବଢ଼ିପାରେ । ଏହି ଅଞ୍ଚଳରେ ବିଭିନ୍ନ ସମସ୍ୟାକୁ ନେଇ ସ୍ଥାନୀୟ ଲୋକମାନେ ଦାବି ଉପସ୍ଥାପନ କରିଛନ୍ତି । ପ୍ରଶାସନ ତୁରନ୍ତ ପଦକ୍ଷେପ ନେବାକୁ ଆଶ୍ୱାସନା ଦେଇଛି । ଏ ନେଇ ଅଧିକାରୀମାନେ ଘଟଣାସ୍ଥଳରେ ପହଞ୍ଚି ତଦନ୍ତ କରୁଛନ୍ତି ।
ଧନୁ: ଧାର୍ମିକ କାର୍ଯ୍ୟରେ ମନ ଲାଗିବ । ସମ୍ମାନ ବୃଦ୍ଧି । ଏହି ଅଞ୍ଚଳରେ ବିଭିନ୍ନ ସମସ୍ୟାକୁ ନେଇ ସ୍ଥାନୀୟ ଲୋକମାନେ ଦାବି ଉପସ୍ଥାପନ କରିଛନ୍ତି । ପ୍ରଶାସନ ତୁରନ୍ତ ପଦକ୍ଷେପ ନେବାକୁ ଆଶ୍ୱାସନା ଦେଇଛି । ଏ ନେଇ ଅଧିକାରୀମାନେ ଘଟଣାସ୍ଥଳରେ ପହଞ୍ଚି ତଦନ୍ତ କରୁଛନ୍ତି ।
ମକର: ବ୍ୟବସାୟରେ ଲାଭ । ପୁରୁଣା ବନ୍ଧୁଙ୍କ ସହ ଭେଟ । ଏହି ଅଞ୍ଚଳରେ ବିଭିନ୍ନ ସମସ୍ୟାକୁ ନେଇ ସ୍ଥାନୀୟ ଲୋକମାନେ ଦାବି ଉପସ୍ଥାପନ କରିଛନ୍ତି । ପ୍ରଶାସନ ତୁରନ୍ତ ପଦକ୍ଷେପ ନେବାକୁ ଆଶ୍ୱାସନା ଦେଇଛି । ଏ ନେଇ ଅଧିକାରୀମାନେ ଘଟଣାସ୍ଥଳରେ ପହଞ୍ଚି ତଦନ୍ତ କରୁଛନ୍ତି ।
କୁମ୍ଭ: ସ୍ୱାସ୍ଥ୍ୟ ଭଲ ରହିବ । ଯାତ୍ରାରେ ସାବଧାନ ରୁହନ୍ତୁ । ଏହି ଅଞ୍ଚଳରେ ବିଭିନ୍ନ ସମସ୍ୟାକୁ ନେଇ ସ୍ଥାନୀୟ ଲୋକମାନେ ଦାବି ଉପସ୍ଥାପନ କରିଛନ୍ତି । ପ୍ରଶାସନ ତୁରନ୍ତ ପଦକ୍ଷେପ ନେବାକୁ ଆଶ୍ୱାସନା ଦେଇଛି । ଏ ନେଇ ଅଧିକାରୀମାନେ ଘଟଣାସ୍ଥଳରେ ପହଞ୍ଚି ତଦନ୍ତ କରୁଛନ୍ତି ।
ମୀନ: ମନ ପ୍ରସନ୍ନ ରହିବ । ଆର୍ଥିକ ସ୍ଥିତି ସୁଦୃଢ଼ ହେବ । ଏହି ଅଞ୍ଚଳରେ ବିଭିନ୍ନ ସମସ୍ୟାକୁ ନେଇ ସ୍ଥାନୀୟ ଲୋକମାନେ ଦାବି ଉପସ୍ଥାପନ କରିଛନ୍ତି । ପ୍ରଶାସନ ତୁରନ୍ତ ପଦକ୍ଷେପ ନେବାକୁ ଆଶ୍ୱାସନା ଦେଇଛି । ଏ ନେଇ ଅଧିକାରୀମାନେ ଘଟଣାସ୍ଥଳରେ ପହଞ୍ଚି ତଦନ୍ତ କରୁଛନ୍ତି ।
ମନେ ପଡ଼ନ୍ତି
ପ୍ରଥମ ଶ୍ରାଦ୍ଧବାର୍ଷିକ ଉପଲକ୍ଷେ ଶ୍ରଦ୍ଧାଞ୍ଜଳି
ସ୍ୱର୍ଗତ ମନମୋହନ ମଲ୍ଲିକ
ଏହି ଅଞ୍ଚଳରେ ବିଭିନ୍ନ ସମସ୍ୟାକୁ ନେଇ ସ୍ଥାନୀୟ ଲୋକମାନେ ଦାବି ଉପସ୍ଥାପନ କରିଛନ୍ତି । ପ୍ରଶାସନ ତୁରନ୍ତ ପଦକ୍ଷେପ ନେବାକୁ ଆଶ୍ୱାସନା ଦେଇଛି । ଏ ନେଇ ଅଧିକାରୀମାନେ ଘଟଣାସ୍ଥଳରେ ପହଞ୍ଚି ତଦନ୍ତ କରୁଛନ୍ତି ।
D-45277
୪ର୍ଥ ଶ୍ରାଦ୍ଧବାର୍ଷିକୀ
ସ୍ୱର୍ଗତ ପ୍ରମୋଦ କୁମାର ମହାନ୍ତି
ଏହି ଅଞ୍ଚଳରେ ବିଭିନ୍ନ ସମସ୍ୟାକୁ ନେଇ ସ୍ଥାନୀୟ ଲୋକମାନେ ଦାବି ଉପସ୍ଥାପନ କରିଛନ୍ତି । ପ୍ରଶାସନ ତୁରନ୍ତ ପଦକ୍ଷେପ ନେବାକୁ ଆଶ୍ୱାସନା ଦେଇଛି । ଏ ନେଇ ଅଧିକାରୀମାନେ ଘଟଣାସ୍ଥଳରେ ପହଞ୍ଚି ତଦନ୍ତ କରୁଛନ୍ତି ।
D-44917
Your Classified Advertisement published in Dharitri will be listed free in Dharitri Online Edition: www.dharitri.com
ଡି ବ୍ରଦର୍ସ ଲିଙ୍କରେ ଓଏସ୍ ଅଧିକାରୀ
ଏହି ଅଞ୍ଚଳରେ ବିଭିନ୍ନ ସମସ୍ୟାକୁ ନେଇ ସ୍ଥାନୀୟ ଲୋକମାନେ ଦାବି ଉପସ୍ଥାପନ କରିଛନ୍ତି । ପ୍ରଶାସନ ତୁରନ୍ତ ପଦକ୍ଷେପ ନେବାକୁ ଆଶ୍ୱାସନା ଦେଇଛି । ଏ ନେଇ ଅଧିକାରୀମାନେ ଘଟଣାସ୍ଥଳରେ ପହଞ୍ଚି ତଦନ୍ତ କରୁଛନ୍ତି । ଏହି ଅଞ୍ଚଳରେ ବିଭିନ୍ନ ସମସ୍ୟାକୁ ନେଇ ସ୍ଥାନୀୟ ଲୋକମାନେ ଦାବି ଉପସ୍ଥାପନ କରିଛନ୍ତି । ପ୍ରଶାସନ ତୁରନ୍ତ ପଦକ୍ଷେପ ନେବାକୁ ଆଶ୍ୱାସନା ଦେଇଛି । ଏ ନେଇ ଅଧିକାରୀମାନେ ଘଟଣାସ୍ଥଳରେ ପହଞ୍ଚି ତଦନ୍ତ କରୁଛନ୍ତି । ଏହି ଅଞ୍ଚଳରେ ବିଭିନ୍ନ ସମସ୍ୟାକୁ ନେଇ ସ୍ଥାନୀୟ ଲୋକମାନେ ଦାବି ଉପସ୍ଥାପନ କରିଛନ୍ତି । ପ୍ରଶାସନ ତୁରନ୍ତ ପଦକ୍ଷେପ ନେବାକୁ ଆଶ୍ୱାସନା ଦେଇଛି । ଏ ନେଇ ଅଧିକାରୀମାନେ ଘଟଣାସ୍ଥଳରେ ପହଞ୍ଚି ତଦନ୍ତ କରୁଛନ୍ତି । ଏହି ଅଞ୍ଚଳରେ ବିଭିନ୍ନ ସମସ୍ୟାକୁ ନେଇ ସ୍ଥାନୀୟ ଲୋକମାନେ ଦାବି ଉପସ୍ଥାପନ କରିଛନ୍ତି । ପ୍ରଶାସନ ତୁରନ୍ତ ପଦକ୍ଷେପ ନେବାକୁ ଆଶ୍ୱାସନା ଦେଇଛି । ଏ ନେଇ ଅଧିକାରୀମାନେ ଘଟଣାସ୍ଥଳରେ ପହଞ୍ଚି ତଦନ୍ତ କରୁଛନ୍ତି । ଏହି ଅଞ୍ଚଳରେ ବିଭିନ୍ନ ସମସ୍ୟାକୁ ନେଇ ସ୍ଥାନୀୟ ଲୋକମାନେ ଦାବି ଉପସ୍ଥାପନ କରିଛନ୍ତି । ପ୍ରଶାସନ ତୁରନ୍ତ ପଦକ୍ଷେପ ନେବାକୁ ଆଶ୍ୱାସନା ଦେଇଛି । ଏ ନେଇ ଅଧିକାରୀମାନେ ଘଟଣାସ୍ଥଳରେ ପହଞ୍ଚି ତଦନ୍ତ କରୁଛନ୍ତି । ଏହି ଅଞ୍ଚଳରେ ବିଭିନ୍ନ ସମସ୍ୟାକୁ ନେଇ ସ୍ଥାନୀୟ ଲୋକମାନେ ଦାବି ଉପସ୍ଥାପନ କରିଛନ୍ତି । ପ୍ରଶାସନ ତୁରନ୍ତ ପଦକ୍ଷେପ ନେବାକୁ ଆଶ୍ୱାସନା ଦେଇଛି । ଏ ନେଇ ଅଧିକାରୀମାନେ ଘଟଣାସ୍ଥଳରେ ପହଞ୍ଚି ତଦନ୍ତ କରୁଛନ୍ତି । ଏହି ଅଞ୍ଚଳରେ ବିଭିନ୍ନ ସମସ୍ୟାକୁ ନେଇ ସ୍ଥାନୀୟ ଲୋକମାନେ ଦାବି ଉପସ୍ଥାପନ କରିଛନ୍ତି । ପ୍ରଶାସନ ତୁରନ୍ତ ପଦକ୍ଷେପ ନେବାକୁ ଆଶ୍ୱାସନା ଦେଇଛି । ଏ ନେଇ ଅଧିକାରୀମାନେ ଘଟଣାସ୍ଥଳରେ ପହଞ୍ଚି ତଦନ୍ତ କରୁଛନ୍ତି । ଏହି ଅଞ୍ଚଳରେ ବିଭିନ୍ନ ସମସ୍ୟାକୁ ନେଇ ସ୍ଥାନୀୟ ଲୋକମାନେ ଦାବି ଉପସ୍ଥାପନ କରିଛନ୍ତି । ପ୍ରଶାସନ ତୁରନ୍ତ ପଦକ୍ଷେପ ନେବାକୁ ଆଶ୍ୱାସନା ଦେଇଛି । ଏ ନେଇ ଅଧିକାରୀମାନେ ଘଟଣାସ୍ଥଳରେ ପହଞ୍ଚି ତଦନ୍ତ କରୁଛନ୍ତି ।
28
